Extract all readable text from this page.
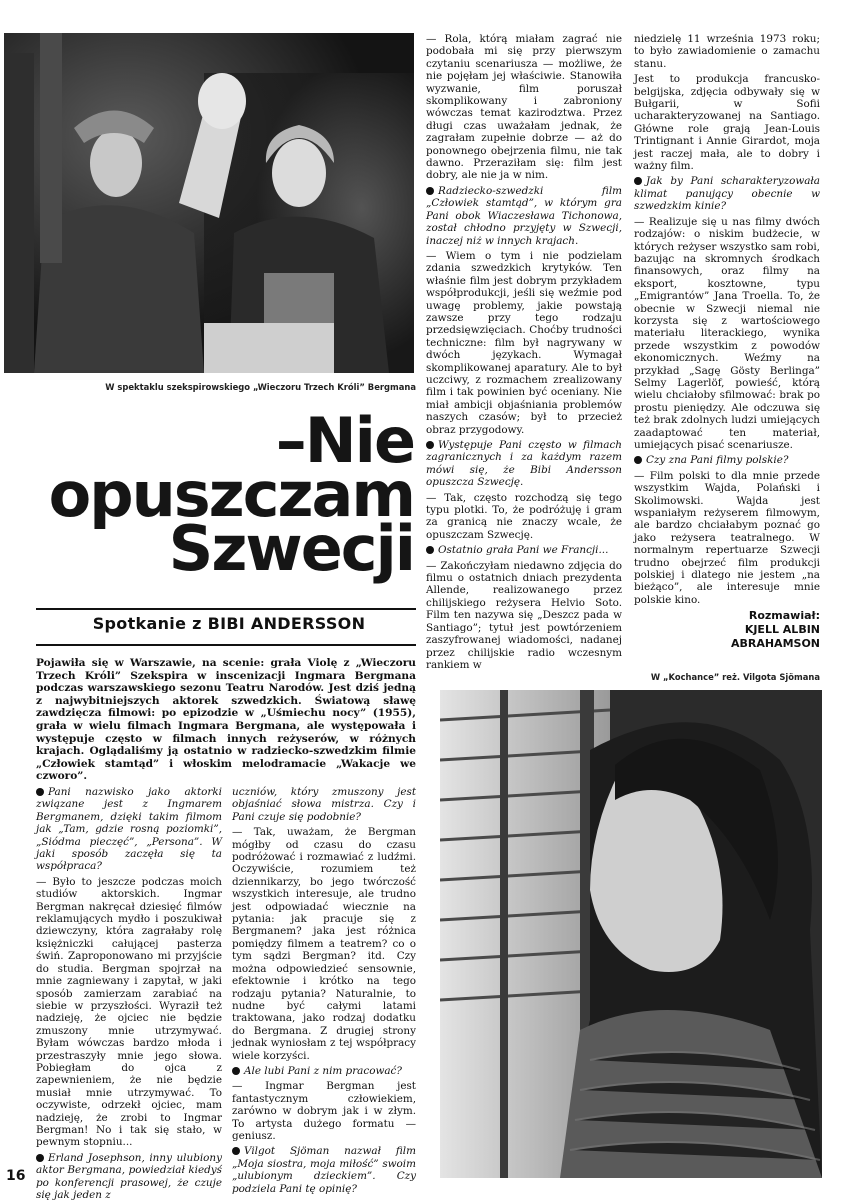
W spektaklu szekspirowskiego „Wieczoru Trzech Króli” Bergmana
–Nie
opuszczam
Szwecji
Spotkanie z BIBI ANDERSSON
Pojawiła się w Warszawie, na scenie: grała Violę z „Wieczoru Trzech Króli” Szekspira w inscenizacji Ingmara Bergmana podczas warszawskiego sezonu Teatru Narodów. Jest dziś jedną z najwybitniejszych aktorek szwedzkich. Światową sławę zawdzięcza filmowi: po epizodzie w „Uśmiechu nocy” (1955), grała w wielu filmach Ingmara Bergmana, ale występowała i występuje często w filmach innych reżyserów, w różnych krajach. Oglądaliśmy ją ostatnio w radziecko-szwedzkim filmie „Człowiek stamtąd” i włoskim melodramacie „Wakacje we czworo”.

Pani nazwisko jako aktorki związane jest z Ingmarem Bergmanem, dzięki takim filmom jak „Tam, gdzie rosną poziomki”, „Siódma pieczęć”, „Persona”. W jaki sposób zaczęła się ta współpraca?

— Było to jeszcze podczas moich studiów aktorskich. Ingmar Bergman nakręcał dziesięć filmów reklamujących mydło i poszukiwał dziewczyny, która zagrałaby rolę księżniczki całującej pasterza świń. Zaproponowano mi przyjście do studia. Bergman spojrzał na mnie zagniewany i zapytał, w jaki sposób zamierzam zarabiać na siebie w przyszłości. Wyraził też nadzieję, że ojciec nie będzie zmuszony mnie utrzymywać. Byłam wówczas bardzo młoda i przestraszyły mnie jego słowa. Pobiegłam do ojca z zapewnieniem, że nie będzie musiał mnie utrzymywać. To oczywiste, odrzekł ojciec, mam nadzieję, że zrobi to Ingmar Bergman! No i tak się stało, w pewnym stopniu...

Erland Josephson, inny ulubiony aktor Bergmana, powiedział kiedyś po konferencji prasowej, że czuje się jak jeden z

uczniów, który zmuszony jest objaśniać słowa mistrza. Czy i Pani czuje się podobnie?

— Tak, uważam, że Bergman mógłby od czasu do czasu podróżować i rozmawiać z ludźmi. Oczywiście, rozumiem też dziennikarzy, bo jego twórczość wszystkich interesuje, ale trudno jest odpowiadać wiecznie na pytania: jak pracuje się z Bergmanem? jaka jest różnica pomiędzy filmem a teatrem? co o tym sądzi Bergman? itd. Czy można odpowiedzieć sensownie, efektownie i krótko na tego rodzaju pytania? Naturalnie, to nudne być całymi latami traktowana, jako rodzaj dodatku do Bergmana. Z drugiej strony jednak wyniosłam z tej współpracy wiele korzyści.

Ale lubi Pani z nim pracować?

— Ingmar Bergman jest fantastycznym człowiekiem, zarówno w dobrym jak i w złym. To artysta dużego formatu — geniusz.

Vilgot Sjöman nazwał film „Moja siostra, moja miłość” swoim „ulubionym dzieckiem”. Czy podziela Pani tę opinię?

— Rola, którą miałam zagrać nie podobała mi się przy pierwszym czytaniu scenariusza — możliwe, że nie pojęłam jej właściwie. Stanowiła wyzwanie, film poruszał skomplikowany i zabroniony wówczas temat kazirodztwa. Przez długi czas uważałam jednak, że zagrałam zupełnie dobrze — aż do ponownego obejrzenia filmu, nie tak dawno. Przeraziłam się: film jest dobry, ale nie ja w nim.

Radziecko-szwedzki film „Człowiek stamtąd”, w którym gra Pani obok Wiaczesława Tichonowa, został chłodno przyjęty w Szwecji, inaczej niż w innych krajach.

— Wiem o tym i nie podzielam zdania szwedzkich krytyków. Ten właśnie film jest dobrym przykładem współprodukcji, jeśli się weźmie pod uwagę problemy, jakie powstają zawsze przy tego rodzaju przedsięwzięciach. Choćby trudności techniczne: film był nagrywany w dwóch językach. Wymagał skomplikowanej aparatury. Ale to był uczciwy, z rozmachem zrealizowany film i tak powinien być oceniany. Nie miał ambicji objaśniania problemów naszych czasów; był to przecież obraz przygodowy.

Występuje Pani często w filmach zagranicznych i za każdym razem mówi się, że Bibi Andersson opuszcza Szwecję.

— Tak, często rozchodzą się tego typu plotki. To, że podróżuję i gram za granicą nie znaczy wcale, że opuszczam Szwecję.

Ostatnio grała Pani we Francji...

— Zakończyłam niedawno zdjęcia do filmu o ostatnich dniach prezydenta Allende, realizowanego przez chilijskiego reżysera Helvio Soto. Film ten nazywa się „Deszcz pada w Santiago”; tytuł jest powtórzeniem zaszyfrowanej wiadomości, nadanej przez chilijskie radio wczesnym rankiem w

niedzielę 11 września 1973 roku; to było zawiadomienie o zamachu stanu.

Jest to produkcja francusko-belgijska, zdjęcia odbywały się w Bułgarii, w Sofii ucharakteryzowanej na Santiago. Główne role grają Jean-Louis Trintignant i Annie Girardot, moja jest raczej mała, ale to dobry i ważny film.

Jak by Pani scharakteryzowała klimat panujący obecnie w szwedzkim kinie?

— Realizuje się u nas filmy dwóch rodzajów: o niskim budżecie, w których reżyser wszystko sam robi, bazując na skromnych środkach finansowych, oraz filmy na eksport, kosztowne, typu „Emigrantów” Jana Troella. To, że obecnie w Szwecji niemal nie korzysta się z wartościowego materiału literackiego, wynika przede wszystkim z powodów ekonomicznych. Weźmy na przykład „Sagę Gösty Berlinga” Selmy Lagerlöf, powieść, którą wielu chciałoby sfilmować: brak po prostu pieniędzy. Ale odczuwa się też brak zdolnych ludzi umiejących zaadaptować ten materiał, umiejących pisać scenariusze.

Czy zna Pani filmy polskie?

— Film polski to dla mnie przede wszystkim Wajda, Polański i Skolimowski. Wajda jest wspaniałym reżyserem filmowym, ale bardzo chciałabym poznać go jako reżysera teatralnego. W normalnym repertuarze Szwecji trudno obejrzeć film produkcji polskiej i dlatego nie jestem „na bieżąco”, ale interesuje mnie polskie kino.

Rozmawiał:
KJELL ALBIN
ABRAHAMSON
W „Kochance” reż. Vilgota Sjömana
16
